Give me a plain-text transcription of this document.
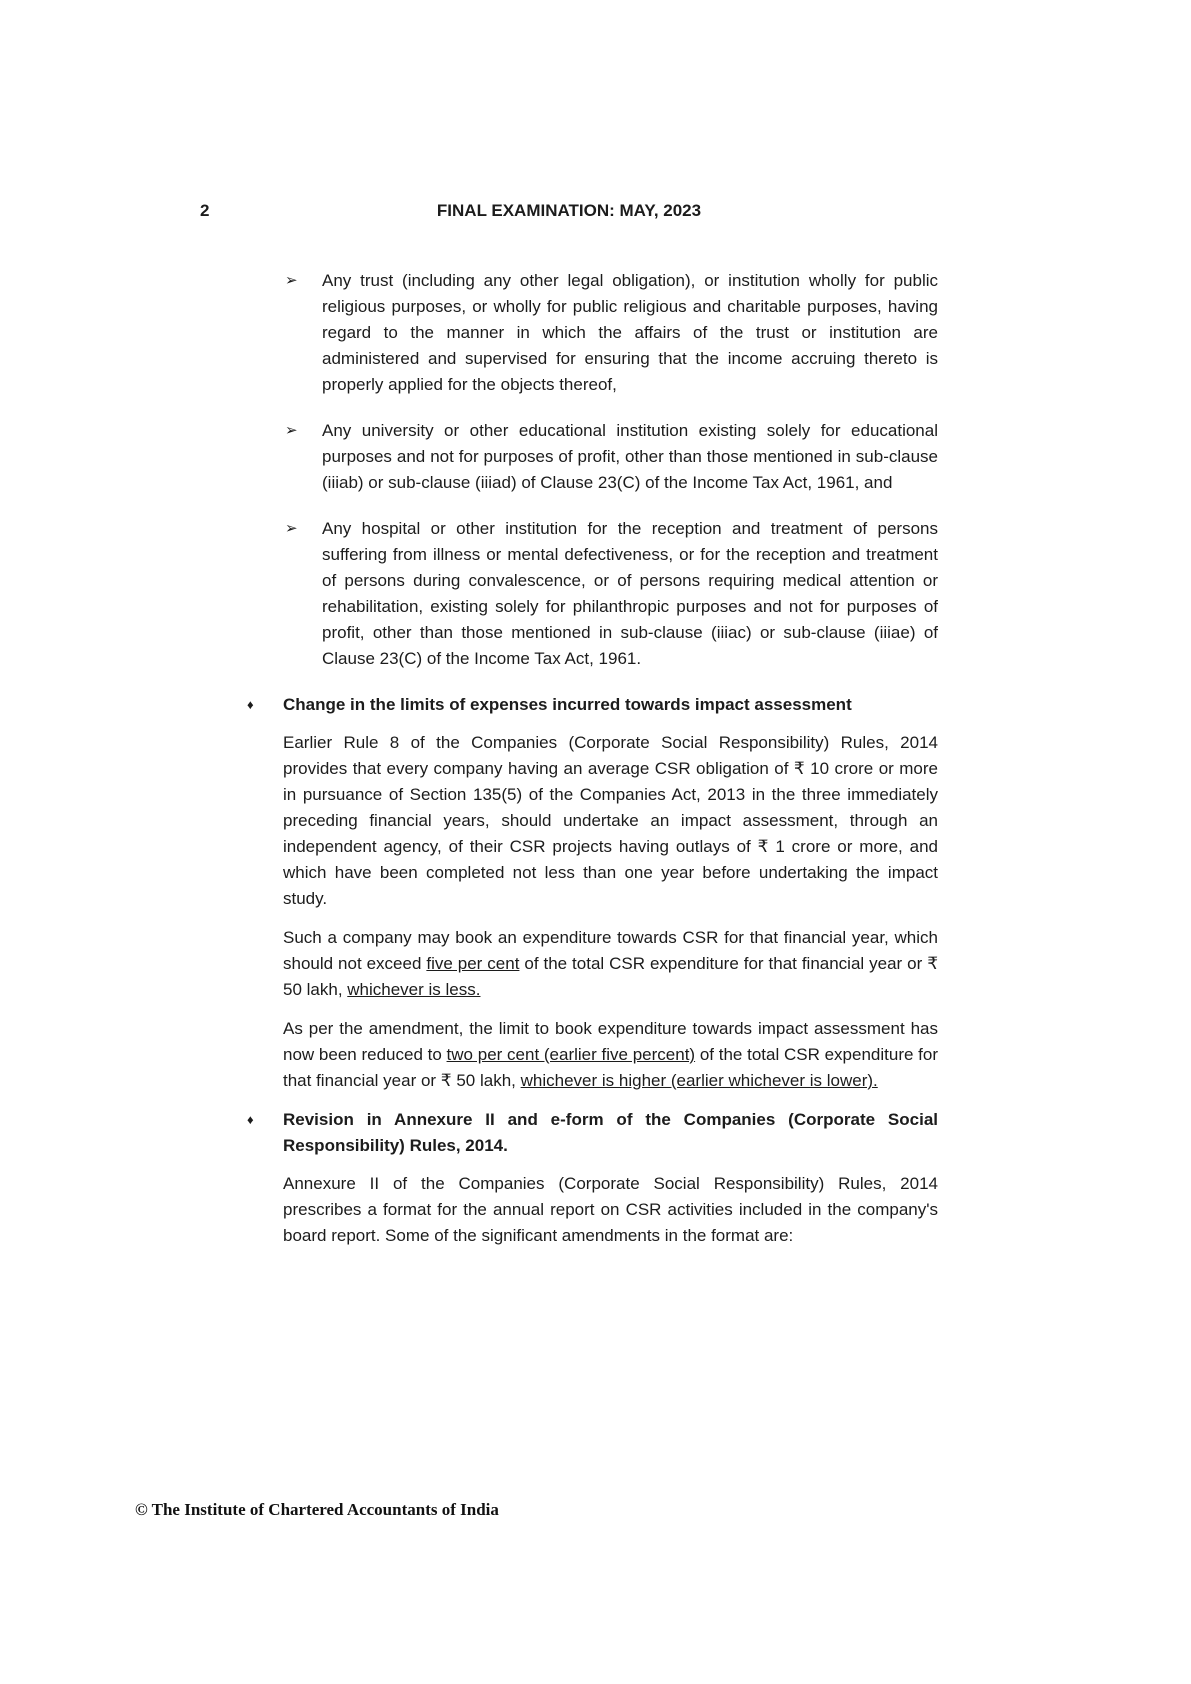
2	FINAL EXAMINATION: MAY, 2023
➢	Any trust (including any other legal obligation), or institution wholly for public religious purposes, or wholly for public religious and charitable purposes, having regard to the manner in which the affairs of the trust or institution are administered and supervised for ensuring that the income accruing thereto is properly applied for the objects thereof,
➢	Any university or other educational institution existing solely for educational purposes and not for purposes of profit, other than those mentioned in sub-clause (iiiab) or sub-clause (iiiad) of Clause 23(C) of the Income Tax Act, 1961, and
➢	Any hospital or other institution for the reception and treatment of persons suffering from illness or mental defectiveness, or for the reception and treatment of persons during convalescence, or of persons requiring medical attention or rehabilitation, existing solely for philanthropic purposes and not for purposes of profit, other than those mentioned in sub-clause (iiiac) or sub-clause (iiiae) of Clause 23(C) of the Income Tax Act, 1961.
♦	Change in the limits of expenses incurred towards impact assessment

Earlier Rule 8 of the Companies (Corporate Social Responsibility) Rules, 2014 provides that every company having an average CSR obligation of ₹ 10 crore or more in pursuance of Section 135(5) of the Companies Act, 2013 in the three immediately preceding financial years, should undertake an impact assessment, through an independent agency, of their CSR projects having outlays of ₹ 1 crore or more, and which have been completed not less than one year before undertaking the impact study.

Such a company may book an expenditure towards CSR for that financial year, which should not exceed five per cent of the total CSR expenditure for that financial year or ₹ 50 lakh, whichever is less.

As per the amendment, the limit to book expenditure towards impact assessment has now been reduced to two per cent (earlier five percent) of the total CSR expenditure for that financial year or ₹ 50 lakh, whichever is higher (earlier whichever is lower).

♦	Revision in Annexure II and e-form of the Companies (Corporate Social Responsibility) Rules, 2014.

Annexure II of the Companies (Corporate Social Responsibility) Rules, 2014 prescribes a format for the annual report on CSR activities included in the company's board report. Some of the significant amendments in the format are:

© The Institute of Chartered Accountants of India
